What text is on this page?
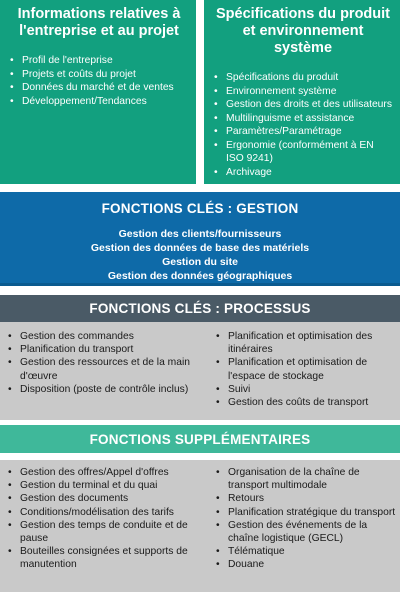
Informations relatives à l'entreprise et au projet
• Profil de l'entreprise
• Projets et coûts du projet
• Données du marché et de ventes
• Développement/Tendances
Spécifications du produit et environnement système
• Spécifications du produit
• Environnement système
• Gestion des droits et des utilisateurs
• Multilinguisme et assistance
• Paramètres/Paramétrage
• Ergonomie (conformément à EN ISO 9241)
• Archivage
FONCTIONS CLÉS : GESTION
Gestion des clients/fournisseurs
Gestion des données de base des matériels
Gestion du site
Gestion des données géographiques
FONCTIONS CLÉS : PROCESSUS
• Gestion des commandes
• Planification du transport
• Gestion des ressources et de la main d'œuvre
• Disposition (poste de contrôle inclus)
• Planification et optimisation des itinéraires
• Planification et optimisation de l'espace de stockage
• Suivi
• Gestion des coûts de transport
FONCTIONS SUPPLÉMENTAIRES
• Gestion des offres/Appel d'offres
• Gestion du terminal et du quai
• Gestion des documents
• Conditions/modélisation des tarifs
• Gestion des temps de conduite et de pause
• Bouteilles consignées et supports de manutention
• Organisation de la chaîne de transport multimodale
• Retours
• Planification stratégique du transport
• Gestion des événements de la chaîne logistique (GECL)
• Télématique
• Douane
